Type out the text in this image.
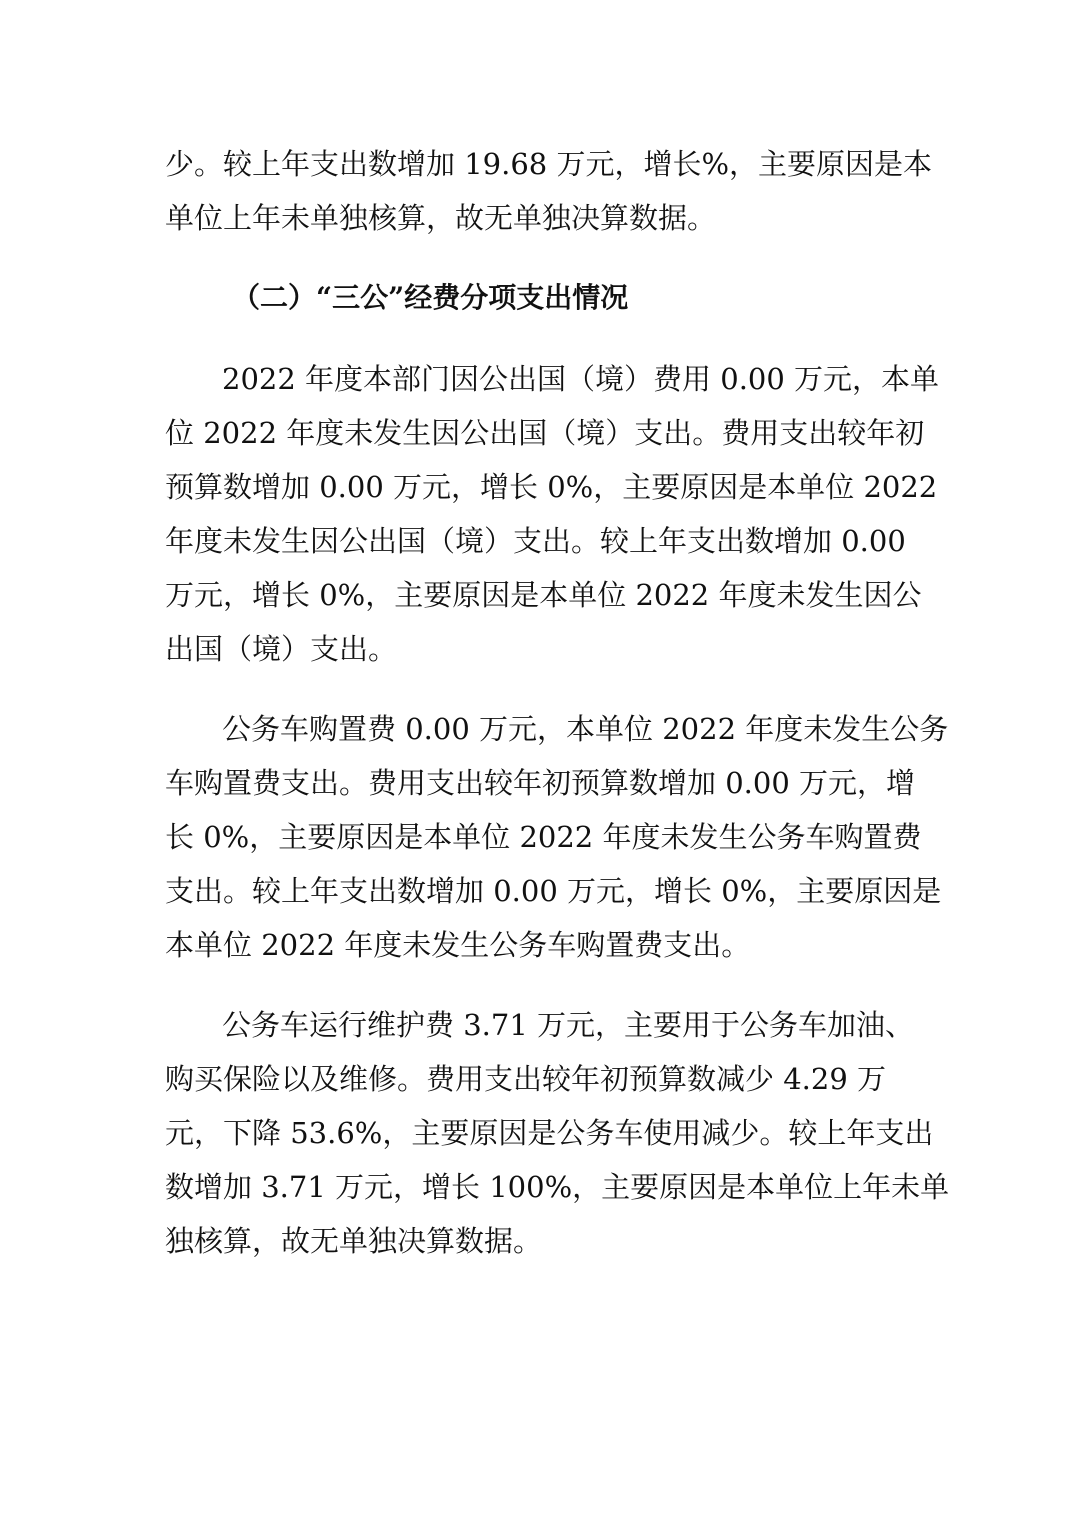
少。较上年支出数增加 19.68 万元，增长%，主要原因是本
单位上年未单独核算，故无单独决算数据。
（二）“三公”经费分项支出情况
2022 年度本部门因公出国（境）费用 0.00 万元，本单
位 2022 年度未发生因公出国（境）支出。费用支出较年初
预算数增加 0.00 万元，增长 0%，主要原因是本单位 2022
年度未发生因公出国（境）支出。较上年支出数增加 0.00
万元，增长 0%，主要原因是本单位 2022 年度未发生因公
出国（境）支出。
公务车购置费 0.00 万元，本单位 2022 年度未发生公务
车购置费支出。费用支出较年初预算数增加 0.00 万元，增
长 0%，主要原因是本单位 2022 年度未发生公务车购置费
支出。较上年支出数增加 0.00 万元，增长 0%，主要原因是
本单位 2022 年度未发生公务车购置费支出。
公务车运行维护费 3.71 万元，主要用于公务车加油、
购买保险以及维修。费用支出较年初预算数减少 4.29 万
元，下降 53.6%，主要原因是公务车使用减少。较上年支出
数增加 3.71 万元，增长 100%，主要原因是本单位上年未单
独核算，故无单独决算数据。
